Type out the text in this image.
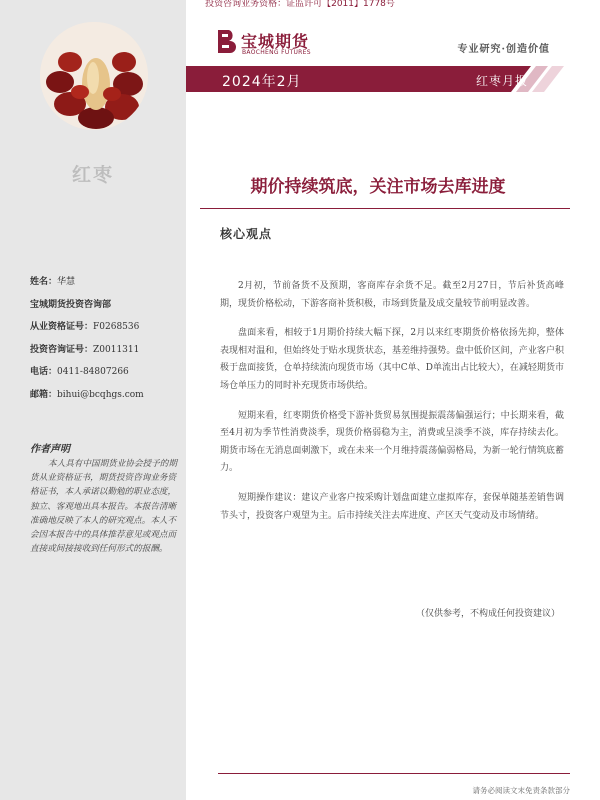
投资咨询业务资格：证监许可【2011】1778号
红枣
姓名：华慧
宝城期货投资咨询部
从业资格证号：F0268536
投资咨询证号：Z0011311
电话：0411-84807266
邮箱：bihui@bcqhgs.com
作者声明

本人具有中国期货业协会授予的期货从业资格证书，期货投资咨询业务资格证书，本人承诺以勤勉的职业态度，独立、客观地出具本报告。本报告清晰准确地反映了本人的研究观点。本人不会因本报告中的具体推荐意见或观点而直接或间接接收到任何形式的报酬。

宝城期货
BAOCHENG FUTURES	专业研究·创造价值
2024年2月	红枣月报
期价持续筑底，关注市场去库进度
核心观点

2月初，节前备货不及预期，客商库存余货不足。截至2月27日，节后补货高峰期，现货价格松动，下游客商补货积极，市场到货量及成交量较节前明显改善。

盘面来看，相较于1月期价持续大幅下探，2月以来红枣期货价格依扬先抑，整体表现相对温和，但始终处于贴水现货状态，基差维持强势。盘中低价区间，产业客户积极于盘面接货，仓单持续流向现货市场（其中C单、D单流出占比较大），在减轻期货市场仓单压力的同时补充现货市场供给。

短期来看，红枣期货价格受下游补货贸易氛围提振震荡偏强运行；中长期来看，截至4月初为季节性消费淡季，现货价格弱稳为主，消费或呈淡季不淡，库存持续去化。期货市场在无消息面刺激下，或在未来一个月维持震荡偏弱格局，为新一轮行情筑底蓄力。

短期操作建议：建议产业客户按采购计划盘面建立虚拟库存，套保单随基差销售调节头寸，投资客户观望为主。后市持续关注去库进度、产区天气变动及市场情绪。

（仅供参考，不构成任何投资建议）
请务必阅读文末免责条款部分
